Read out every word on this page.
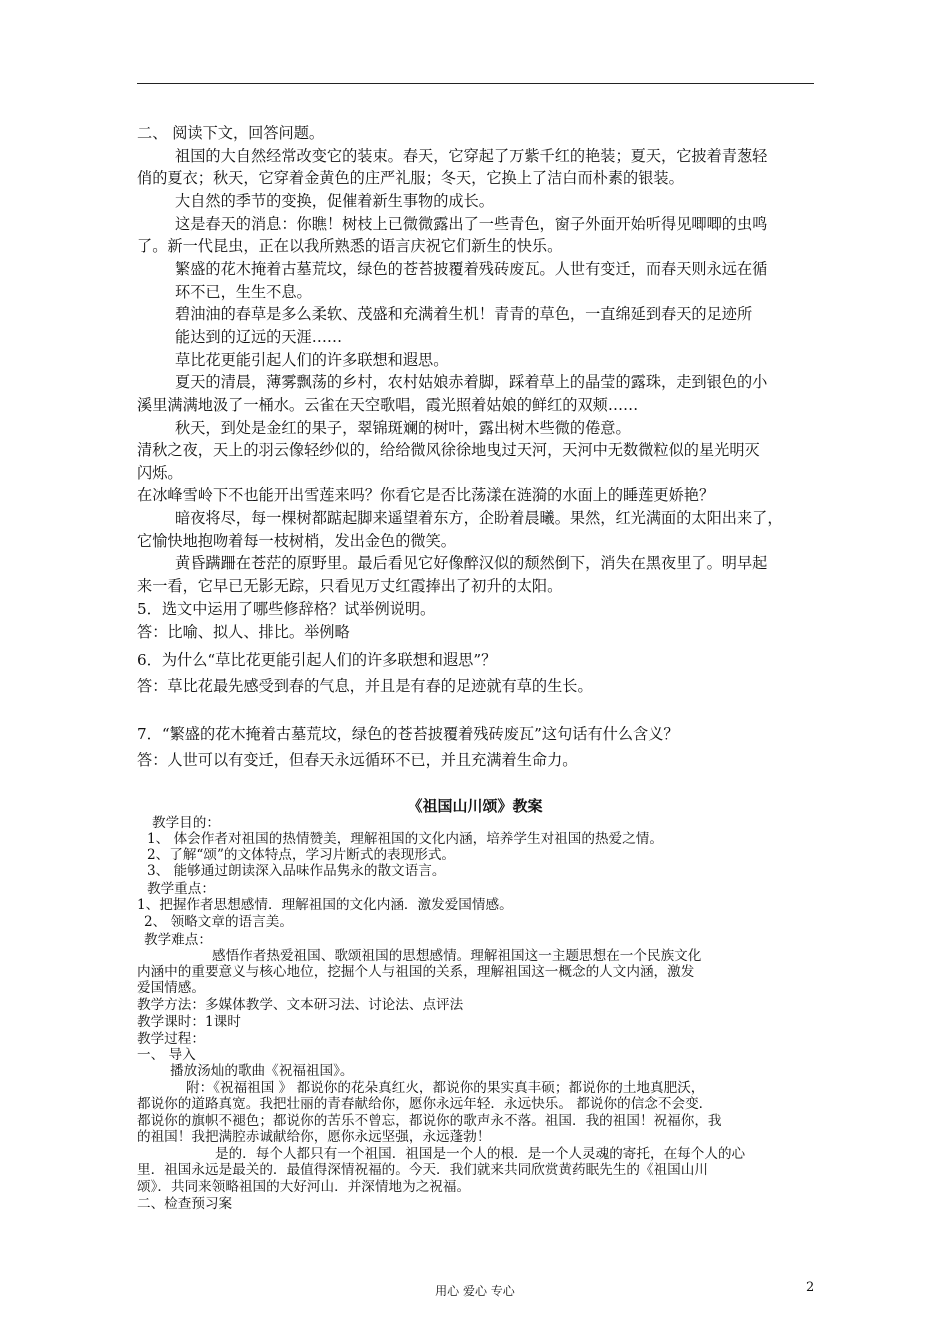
二、 阅读下文，回答问题。
祖国的大自然经常改变它的装束。春天，它穿起了万紫千红的艳装；夏天，它披着青葱轻
俏的夏衣；秋天，它穿着金黄色的庄严礼服；冬天，它换上了洁白而朴素的银装。
大自然的季节的变换，促催着新生事物的成长。
这是春天的消息：你瞧！树枝上已微微露出了一些青色，窗子外面开始听得见唧唧的虫鸣
了。新一代昆虫，正在以我所熟悉的语言庆祝它们新生的快乐。
繁盛的花木掩着古墓荒坟，绿色的苍苔披覆着残砖废瓦。人世有变迁，而春天则永远在循
环不已，生生不息。
碧油油的春草是多么柔软、茂盛和充满着生机！青青的草色，一直绵延到春天的足迹所
能达到的辽远的天涯……
草比花更能引起人们的许多联想和遐思。
夏天的清晨，薄雾飘荡的乡村，农村姑娘赤着脚，踩着草上的晶莹的露珠，走到银色的小
溪里满满地汲了一桶水。云雀在天空歌唱，霞光照着姑娘的鲜红的双颊……
秋天，到处是金红的果子，翠锦斑斓的树叶，露出树木些微的倦意。
清秋之夜，天上的羽云像轻纱似的，给给微风徐徐地曳过天河，天河中无数微粒似的星光明灭
闪烁。
在冰峰雪岭下不也能开出雪莲来吗？你看它是否比荡漾在涟漪的水面上的睡莲更娇艳？
暗夜将尽，每一棵树都踮起脚来遥望着东方，企盼着晨曦。果然，红光满面的太阳出来了，
它愉快地抱吻着每一枝树梢，发出金色的微笑。
黄昏蹒跚在苍茫的原野里。最后看见它好像醉汉似的颓然倒下，消失在黑夜里了。明早起
来一看，它早已无影无踪，只看见万丈红霞捧出了初升的太阳。
5．选文中运用了哪些修辞格？试举例说明。
答：比喻、拟人、排比。举例略
6．为什么“草比花更能引起人们的许多联想和遐思”？
答：草比花最先感受到春的气息，并且是有春的足迹就有草的生长。
7．“繁盛的花木掩着古墓荒坟，绿色的苍苔披覆着残砖废瓦”这句话有什么含义？
答：人世可以有变迁，但春天永远循环不已，并且充满着生命力。
《祖国山川颂》教案
教学目的：
1、 体会作者对祖国的热情赞美，理解祖国的文化内涵，培养学生对祖国的热爱之情。
2、了解“颂”的文体特点，学习片断式的表现形式。
3、 能够通过朗读深入品味作品隽永的散文语言。
教学重点：
1、把握作者思想感情．理解祖国的文化内涵．激发爱国情感。
2、 领略文章的语言美。
教学难点：
感悟作者热爱祖国、歌颂祖国的思想感情。理解祖国这一主题思想在一个民族文化
内涵中的重要意义与核心地位，挖掘个人与祖国的关系，理解祖国这一概念的人文内涵，激发
爱国情感。
教学方法：多媒体教学、文本研习法、讨论法、点评法
教学课时：1课时
教学过程：
一、 导入
播放汤灿的歌曲《祝福祖国》。
附：《祝福祖国 》 都说你的花朵真红火，都说你的果实真丰硕；都说你的土地真肥沃，
都说你的道路真宽。我把壮丽的青春献给你，愿你永远年轻．永远快乐。 都说你的信念不会变．
都说你的旗帜不褪色；都说你的苦乐不曾忘，都说你的歌声永不落。祖国．我的祖国！祝福你，我
的祖国！我把满腔赤诚献给你，愿你永远坚强，永远蓬勃！
是的．每个人都只有一个祖国．祖国是一个人的根．是一个人灵魂的寄托，在每个人的心
里．祖国永远是最关的．最值得深情祝福的。今天．我们就来共同欣赏黄药眠先生的《祖国山川
颂》．共同来领略祖国的大好河山．并深情地为之祝福。
二、检查预习案
用心 爱心 专心	2
